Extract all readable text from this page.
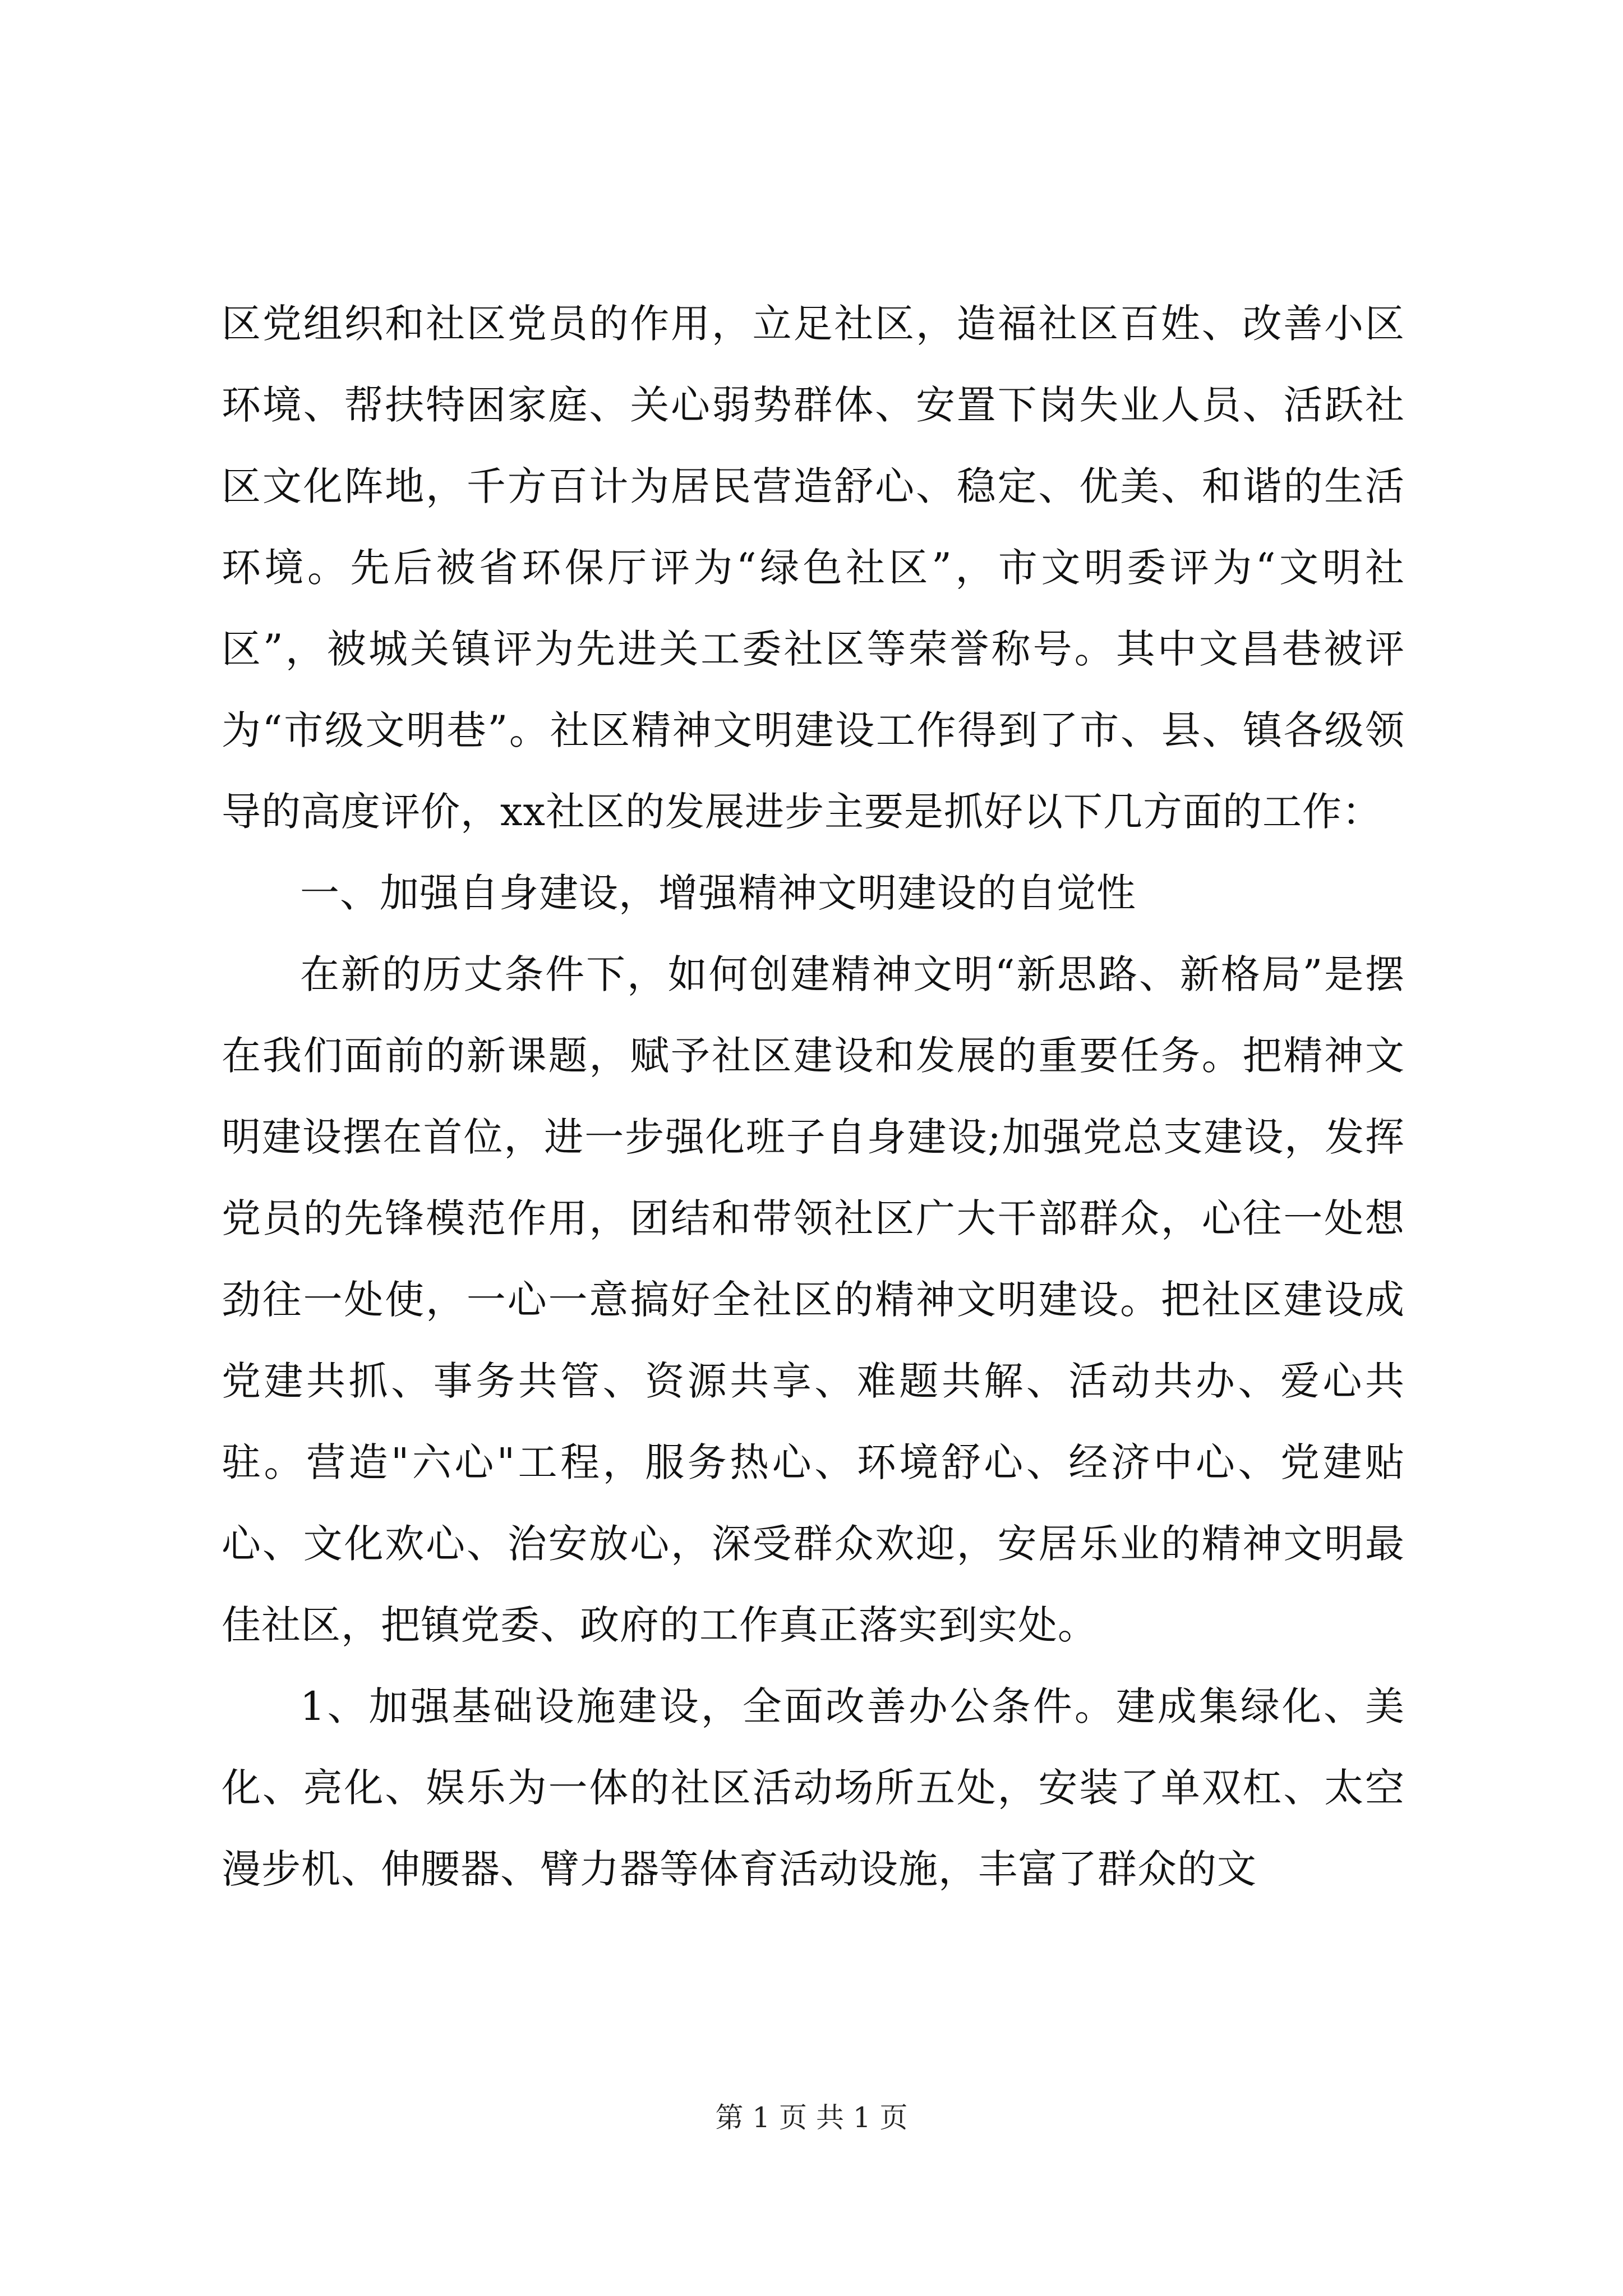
区党组织和社区党员的作用，立足社区，造福社区百姓、改善小区环境、帮扶特困家庭、关心弱势群体、安置下岗失业人员、活跃社区文化阵地，千方百计为居民营造舒心、稳定、优美、和谐的生活环境。先后被省环保厅评为“绿色社区”，市文明委评为“文明社区”，被城关镇评为先进关工委社区等荣誉称号。其中文昌巷被评为“市级文明巷”。社区精神文明建设工作得到了市、县、镇各级领导的高度评价，xx社区的发展进步主要是抓好以下几方面的工作：

一、加强自身建设，增强精神文明建设的自觉性

在新的历丈条件下，如何创建精神文明“新思路、新格局”是摆在我们面前的新课题，赋予社区建设和发展的重要任务。把精神文明建设摆在首位，进一步强化班子自身建设;加强党总支建设，发挥党员的先锋模范作用，团结和带领社区广大干部群众，心往一处想劲往一处使，一心一意搞好全社区的精神文明建设。把社区建设成党建共抓、事务共管、资源共享、难题共解、活动共办、爱心共驻。营造"六心"工程，服务热心、环境舒心、经济中心、党建贴心、文化欢心、治安放心，深受群众欢迎，安居乐业的精神文明最佳社区，把镇党委、政府的工作真正落实到实处。

1、加强基础设施建设，全面改善办公条件。建成集绿化、美化、亮化、娱乐为一体的社区活动场所五处，安装了单双杠、太空漫步机、伸腰器、臂力器等体育活动设施，丰富了群众的文

第 1 页 共 1 页
